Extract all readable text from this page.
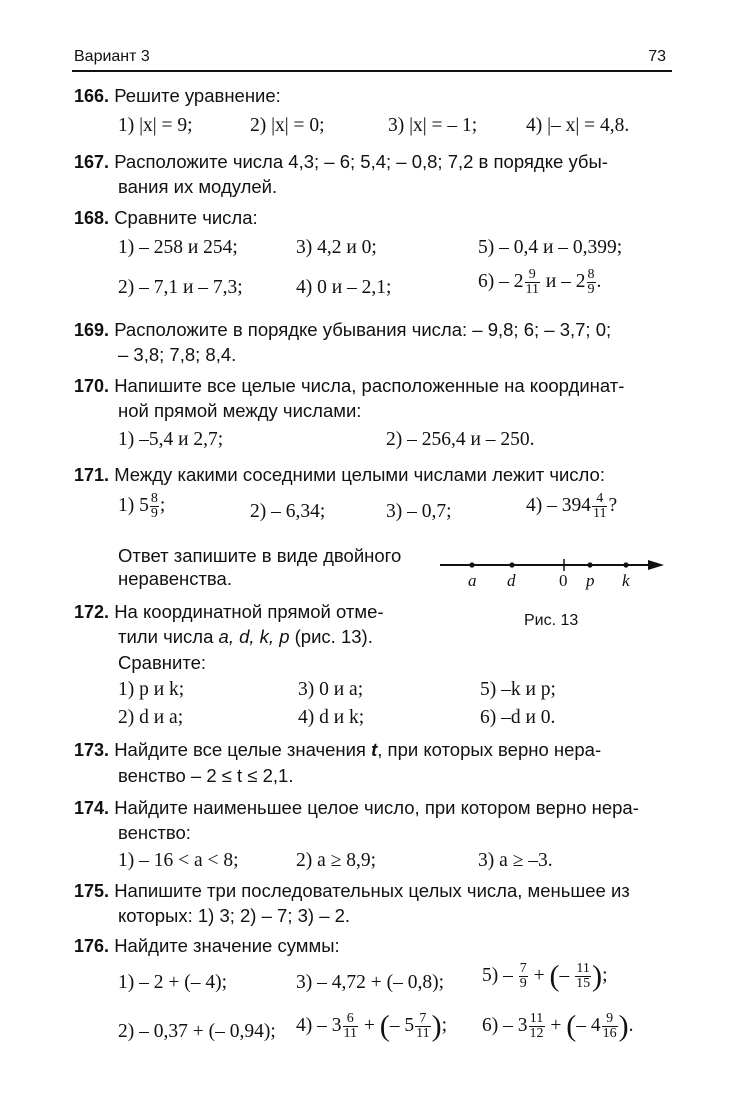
Вариант 3	73
166. Решите уравнение:
1) |x| = 9;	2) |x| = 0;	3) |x| = – 1;	4) |– x| = 4,8.
167. Расположите числа 4,3; – 6; 5,4; – 0,8; 7,2 в порядке убы-
вания их модулей.
168. Сравните числа:
1) – 258 и 254;	3) 4,2 и 0;	5) – 0,4 и – 0,399;
2) – 7,1 и – 7,3;	4) 0 и – 2,1;	$6) - 2 \frac{9}{11}$ и – $2 \frac{8}{9}$ .
169. Расположите в порядке убывания числа: – 9,8; 6; – 3,7; 0;
– 3,8; 7,8; 8,4.
170. Напишите все целые числа, расположенные на координат-
ной прямой между числами:
1) –5,4 и 2,7;	2) – 256,4 и – 250.
171. Между какими соседними целыми числами лежит число:
1) $5 \frac{8}{9}$ ;	2) – 6,34;	3) – 0,7;	$4) - 394 \frac{4}{11}$ ?
Ответ запишите в виде двойного
неравенства.	a d	0 p k
Рис. 13
172. На координатной прямой отме-
тили числа a, d, k, p (рис. 13).
Сравните:
1) p и k;	3) 0 и a;	5) –k и p;
2) d и a;	4) d и k;	6) –d и 0.
173. Найдите все целые значения t, при которых верно нера-
венство – 2 ≤ t ≤ 2,1.
174. Найдите наименьшее целое число, при котором верно нера-
венство:
1) – 16 < a < 8;	2) a ≥ 8,9;	3) a ≥ –3.
175. Напишите три последовательных целых числа, меньшее из
которых: 1) 3; 2) – 7; 3) – 2.
176. Найдите значение суммы:
1) – 2 + (– 4);	3) – 4,72 + (– 0,8); $5) - \frac{7}{9}$ + (– $\frac{11}{15}$ );
2) – 0,37 + (– 0,94); $4) - 3 \frac{6}{11}$ + (– $5 \frac{7}{11}$ ); $6) - 3 \frac{11}{12}$ + (– $4 \frac{9}{16}$ ).
